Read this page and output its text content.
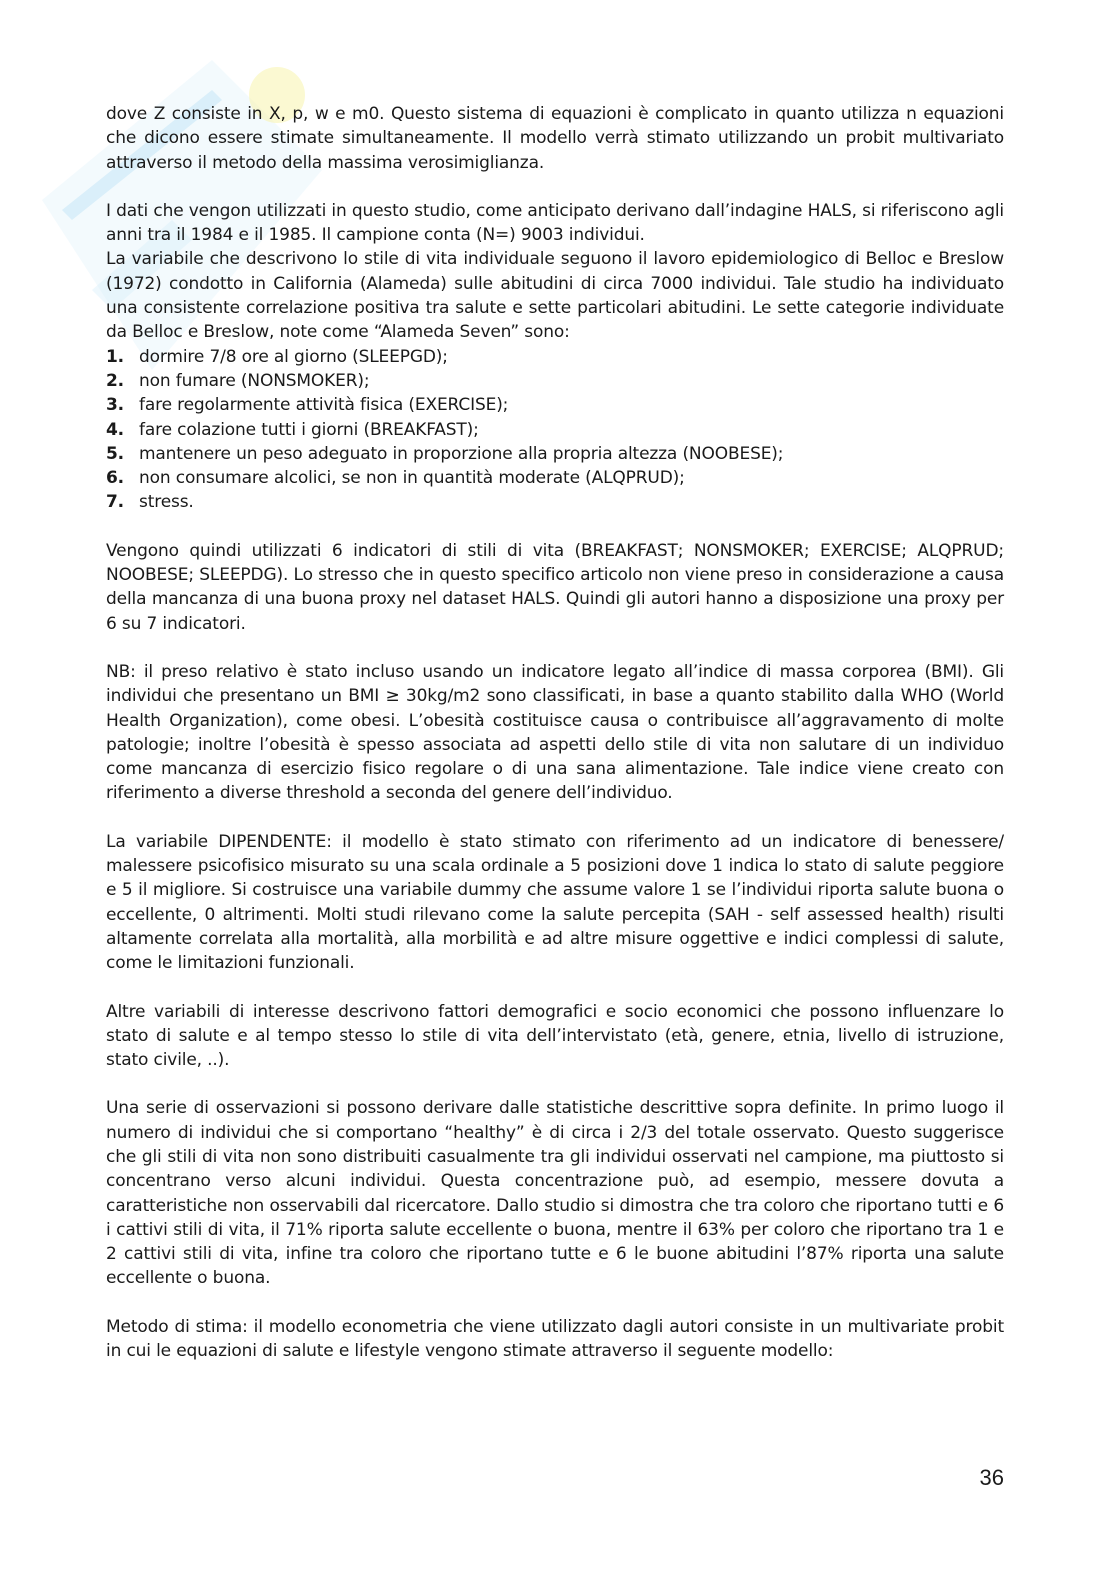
dove Z consiste in X, p, w e m0. Questo sistema di equazioni è complicato in quanto utilizza n equazioni che dicono essere stimate simultaneamente. Il modello verrà stimato utilizzando un probit multivariato attraverso il metodo della massima verosimiglianza.

I dati che vengon utilizzati in questo studio, come anticipato derivano dall’indagine HALS, si riferiscono agli anni tra il 1984 e il 1985. Il campione conta (N=) 9003 individui.

La variabile che descrivono lo stile di vita individuale seguono il lavoro epidemiologico di Belloc e Breslow (1972) condotto in California (Alameda) sulle abitudini di circa 7000 individui. Tale studio ha individuato una consistente correlazione positiva tra salute e sette particolari abitudini. Le sette categorie individuate da Belloc e Breslow, note come “Alameda Seven” sono:

1. dormire 7/8 ore al giorno (SLEEPGD);
2. non fumare (NONSMOKER);
3. fare regolarmente attività fisica (EXERCISE);
4. fare colazione tutti i giorni (BREAKFAST);
5. mantenere un peso adeguato in proporzione alla propria altezza (NOOBESE);
6. non consumare alcolici, se non in quantità moderate (ALQPRUD);
7. stress.

Vengono quindi utilizzati 6 indicatori di stili di vita (BREAKFAST; NONSMOKER; EXERCISE; ALQPRUD; NOOBESE; SLEEPDG). Lo stresso che in questo specifico articolo non viene preso in considerazione a causa della mancanza di una buona proxy nel dataset HALS. Quindi gli autori hanno a disposizione una proxy per 6 su 7 indicatori.

NB: il preso relativo è stato incluso usando un indicatore legato all’indice di massa corporea (BMI). Gli individui che presentano un BMI ≥ 30kg/m2 sono classificati, in base a quanto stabilito dalla WHO (World Health Organization), come obesi. L’obesità costituisce causa o contribuisce all’aggravamento di molte patologie; inoltre l’obesità è spesso associata ad aspetti dello stile di vita non salutare di un individuo come mancanza di esercizio fisico regolare o di una sana alimentazione. Tale indice viene creato con riferimento a diverse threshold a seconda del genere dell’individuo.

La variabile DIPENDENTE: il modello è stato stimato con riferimento ad un indicatore di benessere/ malessere psicofisico misurato su una scala ordinale a 5 posizioni dove 1 indica lo stato di salute peggiore e 5 il migliore. Si costruisce una variabile dummy che assume valore 1 se l’individui riporta salute buona o eccellente, 0 altrimenti. Molti studi rilevano come la salute percepita (SAH - self assessed health) risulti altamente correlata alla mortalità, alla morbilità e ad altre misure oggettive e indici complessi di salute, come le limitazioni funzionali.

Altre variabili di interesse descrivono fattori demografici e socio economici che possono influenzare lo stato di salute e al tempo stesso lo stile di vita dell’intervistato (età, genere, etnia, livello di istruzione, stato civile, ..).

Una serie di osservazioni si possono derivare dalle statistiche descrittive sopra definite. In primo luogo il numero di individui che si comportano “healthy” è di circa i 2/3 del totale osservato. Questo suggerisce che gli stili di vita non sono distribuiti casualmente tra gli individui osservati nel campione, ma piuttosto si concentrano verso alcuni individui. Questa concentrazione può, ad esempio, messere dovuta a caratteristiche non osservabili dal ricercatore. Dallo studio si dimostra che tra coloro che riportano tutti e 6 i cattivi stili di vita, il 71% riporta salute eccellente o buona, mentre il 63% per coloro che riportano tra 1 e 2 cattivi stili di vita, infine tra coloro che riportano tutte e 6 le buone abitudini l’87% riporta una salute eccellente o buona.

Metodo di stima: il modello econometria che viene utilizzato dagli autori consiste in un multivariate probit in cui le equazioni di salute e lifestyle vengono stimate attraverso il seguente modello:

36
